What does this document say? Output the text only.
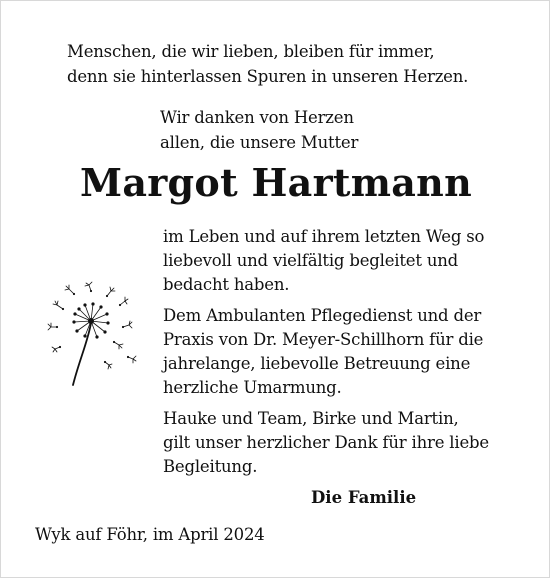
Menschen, die wir lieben, bleiben für immer,
denn sie hinterlassen Spuren in unseren Herzen.
Wir danken von Herzen
allen, die unsere Mutter
Margot Hartmann

im Leben und auf ihrem letzten Weg so
liebevoll und vielfältig begleitet und
bedacht haben.

Dem Ambulanten Pflegedienst und der
Praxis von Dr. Meyer-Schillhorn für die
jahrelange, liebevolle Betreuung eine
herzliche Umarmung.

Hauke und Team, Birke und Martin,
gilt unser herzlicher Dank für ihre liebe
Begleitung.

Die Familie
Wyk auf Föhr, im April 2024
